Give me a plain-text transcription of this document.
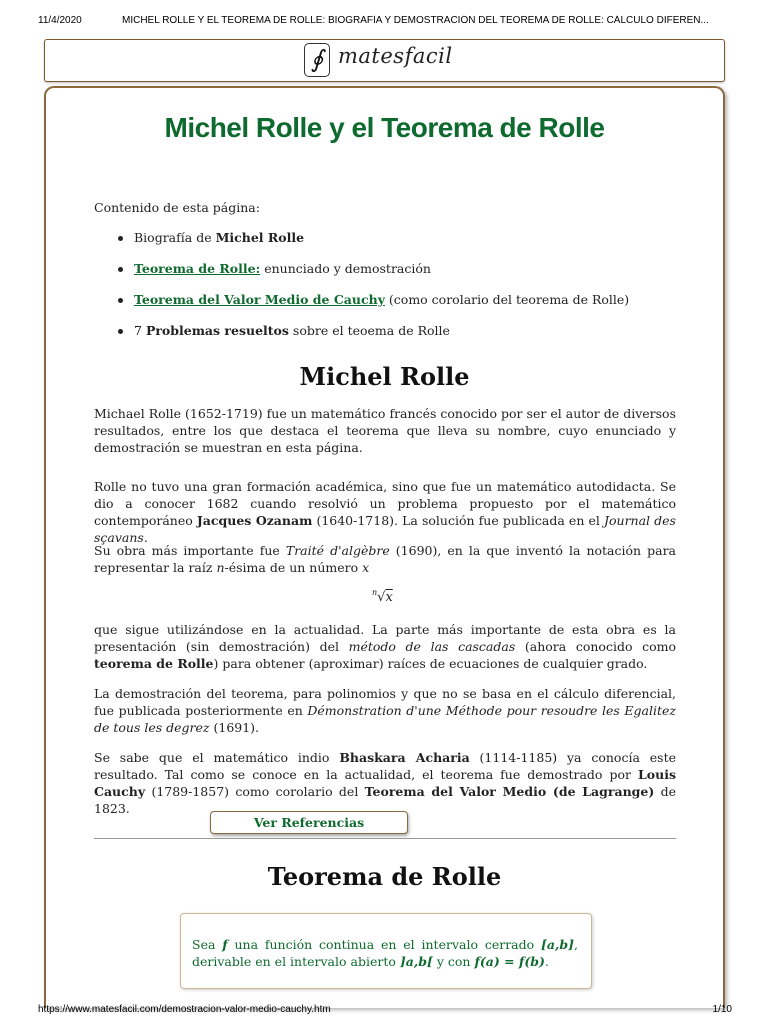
11/4/2020	MICHEL ROLLE Y EL TEOREMA DE ROLLE: BIOGRAFÍA Y DEMOSTRACIÓN DEL TEOREMA DE ROLLE: CÁLCULO DIFEREN...
∮ matesfacil
Michel Rolle y el Teorema de Rolle
Contenido de esta página:
Biografía de Michel Rolle
Teorema de Rolle: enunciado y demostración
Teorema del Valor Medio de Cauchy (como corolario del teorema de Rolle)
7 Problemas resueltos sobre el teoema de Rolle
Michel Rolle

Michael Rolle (1652-1719) fue un matemático francés conocido por ser el autor de diversos resultados, entre los que destaca el teorema que lleva su nombre, cuyo enunciado y demostración se muestran en esta página.

Rolle no tuvo una gran formación académica, sino que fue un matemático autodidacta. Se dio a conocer 1682 cuando resolvió un problema propuesto por el matemático contemporáneo Jacques Ozanam (1640-1718). La solución fue publicada en el Journal des sçavans.

Su obra más importante fue Traité d'algèbre (1690), en la que inventó la notación para representar la raíz n-ésima de un número x

$^n$√x

que sigue utilizándose en la actualidad. La parte más importante de esta obra es la presentación (sin demostración) del método de las cascadas (ahora conocido como teorema de Rolle) para obtener (aproximar) raíces de ecuaciones de cualquier grado.

La demostración del teorema, para polinomios y que no se basa en el cálculo diferencial, fue publicada posteriormente en Démonstration d'une Méthode pour resoudre les Egalitez de tous les degrez (1691).

Se sabe que el matemático indio Bhaskara Acharia (1114-1185) ya conocía este resultado. Tal como se conoce en la actualidad, el teorema fue demostrado por Louis Cauchy (1789-1857) como corolario del Teorema del Valor Medio (de Lagrange) de 1823.

Ver Referencias
Teorema de Rolle

Sea f una función continua en el intervalo cerrado [a,b], derivable en el intervalo abierto ]a,b[ y con f(a) = f(b).

https://www.matesfacil.com/demostracion-valor-medio-cauchy.htm	1/10
